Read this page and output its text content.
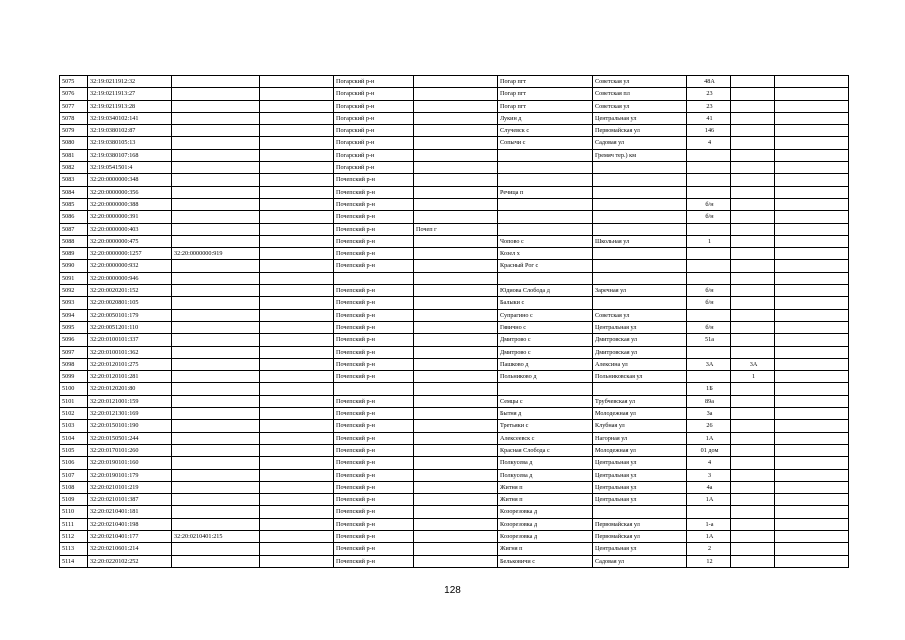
5075	32:19:0211912:32			Погарский р-н		Погар пгт	Советская ул	48А		
5076	32:19:0211913:27			Погарский р-н		Погар пгт	Советская пл	23		
5077	32:19:0211913:28			Погарский р-н		Погар пгт	Советская ул	23		
5078	32:19:0340102:141			Погарский р-н		Лукин д	Центральная ул	41		
5079	32:19:0380102:87			Погарский р-н		Случевск с	Первомайская ул	146		
5080	32:19:0380105:13			Погарский р-н		Сопычи с	Садовая ул	4		
5081	32:19:0380107:168			Погарский р-н			Гремяч тер.) км			
5082	32:19:0541501:4			Погарский р-н						
5083	32:20:0000000:348			Почепский р-н						
5084	32:20:0000000:356			Почепский р-н		Речица п				
5085	32:20:0000000:388			Почепский р-н				б/н		
5086	32:20:0000000:391			Почепский р-н				б/н		
5087	32:20:0000000:403			Почепский р-н	Почеп г					
5088	32:20:0000000:475			Почепский р-н		Чопово с	Школьная ул	1		
5089	32:20:0000000:1257	32:20:0000000:919		Почепский р-н		Козел х				
5090	32:20:0000000:932			Почепский р-н		Красный Рог с				
5091	32:20:0000000:946									
5092	32:20:0020201:152			Почепский р-н		Юдиова Слобода д	Заречная ул	б/н		
5093	32:20:0020801:105			Почепский р-н		Балыки с		б/н		
5094	32:20:0050101:179			Почепский р-н		Супрагино с	Советская ул			
5095	32:20:0051201:110			Почепский р-н		Гявично с	Центральная ул	б/н		
5096	32:20:0100101:337			Почепский р-н		Дмитрово с	Дмитровская ул	51а		
5097	32:20:0100101:362			Почепский р-н		Дмитрово с	Дмитровская ул			
5098	32:20:0120101:275			Почепский р-н		Пашково д	Алексина ул	3А	3А	
5099	32:20:0120101:281			Почепский р-н		Польниково д	Польниковская ул		1	
5100	32:20:0120201:80							1Б		
5101	32:20:0121001:159			Почепский р-н		Семцы с	Трубчевская ул	89а		
5102	32:20:0121301:169			Почепский р-н		Бытня д	Молодежная ул	3а		
5103	32:20:0150101:190			Почепский р-н		Третьяки с	Клубная ул	26		
5104	32:20:0150501:244			Почепский р-н		Алексеевск с	Нагорная ул	1А		
5105	32:20:0170101:260			Почепский р-н		Красная Слобода с	Молодежная ул	01 дом		
5106	32:20:0190101:160			Почепский р-н		Полкусева д	Центральная ул	4		
5107	32:20:0190101:179			Почепский р-н		Полкусева д	Центральная ул	3		
5108	32:20:0210101:219			Почепский р-н		Житня п	Центральная ул	4а		
5109	32:20:0210101:387			Почепский р-н		Житня п	Центральная ул	1А		
5110	32:20:0210401:181			Почепский р-н		Козорезовка д				
5111	32:20:0210401:198			Почепский р-н		Козорезовка д	Первомайская ул	1-а		
5112	32:20:0210401:177	32:20:0210401:215		Почепский р-н		Козорезовка д	Первомайская ул	1А		
5113	32:20:0210601:214			Почепский р-н		Жигня п	Центральная ул	2		
5114	32:20:0220102:252			Почепский р-н		Бельковичи с	Садовая ул	12		
128
